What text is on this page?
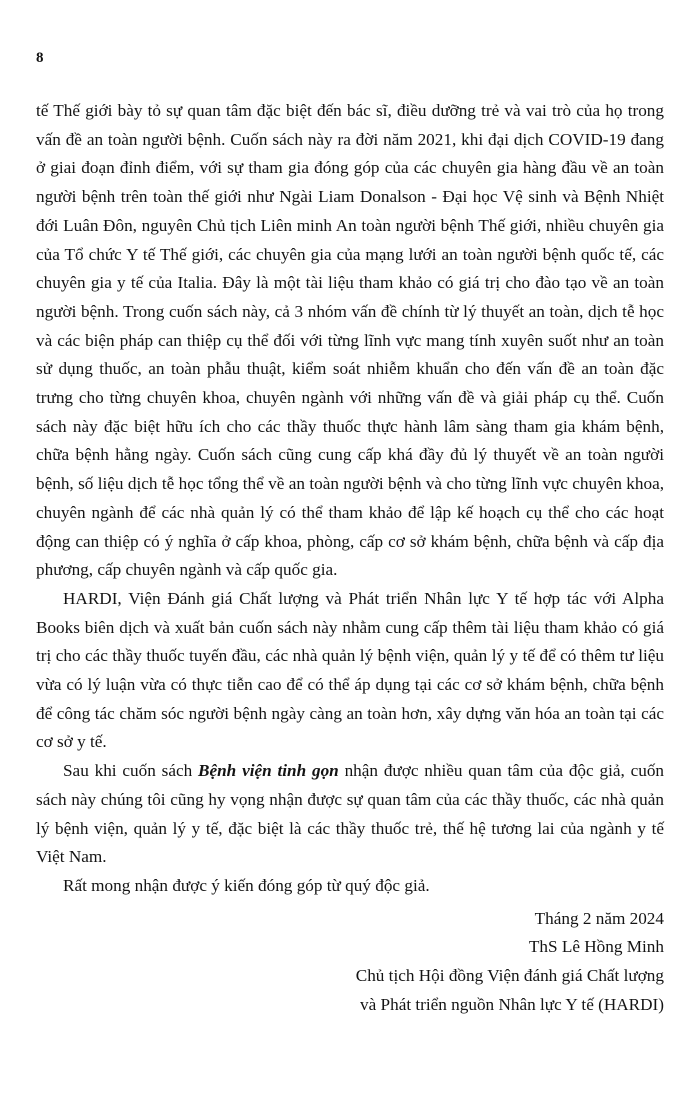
8

tế Thế giới bày tỏ sự quan tâm đặc biệt đến bác sĩ, điều dưỡng trẻ và vai trò của họ trong vấn đề an toàn người bệnh. Cuốn sách này ra đời năm 2021, khi đại dịch COVID-19 đang ở giai đoạn đỉnh điểm, với sự tham gia đóng góp của các chuyên gia hàng đầu về an toàn người bệnh trên toàn thế giới như Ngài Liam Donalson - Đại học Vệ sinh và Bệnh Nhiệt đới Luân Đôn, nguyên Chủ tịch Liên minh An toàn người bệnh Thế giới, nhiều chuyên gia của Tổ chức Y tế Thế giới, các chuyên gia của mạng lưới an toàn người bệnh quốc tế, các chuyên gia y tế của Italia. Đây là một tài liệu tham khảo có giá trị cho đào tạo về an toàn người bệnh. Trong cuốn sách này, cả 3 nhóm vấn đề chính từ lý thuyết an toàn, dịch tễ học và các biện pháp can thiệp cụ thể đối với từng lĩnh vực mang tính xuyên suốt như an toàn sử dụng thuốc, an toàn phẫu thuật, kiểm soát nhiễm khuẩn cho đến vấn đề an toàn đặc trưng cho từng chuyên khoa, chuyên ngành với những vấn đề và giải pháp cụ thể. Cuốn sách này đặc biệt hữu ích cho các thầy thuốc thực hành lâm sàng tham gia khám bệnh, chữa bệnh hằng ngày. Cuốn sách cũng cung cấp khá đầy đủ lý thuyết về an toàn người bệnh, số liệu dịch tễ học tổng thể về an toàn người bệnh và cho từng lĩnh vực chuyên khoa, chuyên ngành để các nhà quản lý có thể tham khảo để lập kế hoạch cụ thể cho các hoạt động can thiệp có ý nghĩa ở cấp khoa, phòng, cấp cơ sở khám bệnh, chữa bệnh và cấp địa phương, cấp chuyên ngành và cấp quốc gia.

HARDI, Viện Đánh giá Chất lượng và Phát triển Nhân lực Y tế hợp tác với Alpha Books biên dịch và xuất bản cuốn sách này nhằm cung cấp thêm tài liệu tham khảo có giá trị cho các thầy thuốc tuyến đầu, các nhà quản lý bệnh viện, quản lý y tế để có thêm tư liệu vừa có lý luận vừa có thực tiễn cao để có thể áp dụng tại các cơ sở khám bệnh, chữa bệnh để công tác chăm sóc người bệnh ngày càng an toàn hơn, xây dựng văn hóa an toàn tại các cơ sở y tế.

Sau khi cuốn sách Bệnh viện tinh gọn nhận được nhiều quan tâm của độc giả, cuốn sách này chúng tôi cũng hy vọng nhận được sự quan tâm của các thầy thuốc, các nhà quản lý bệnh viện, quản lý y tế, đặc biệt là các thầy thuốc trẻ, thế hệ tương lai của ngành y tế Việt Nam.

Rất mong nhận được ý kiến đóng góp từ quý độc giả.

Tháng 2 năm 2024
ThS Lê Hồng Minh
Chủ tịch Hội đồng Viện đánh giá Chất lượng
và Phát triển nguồn Nhân lực Y tế (HARDI)
